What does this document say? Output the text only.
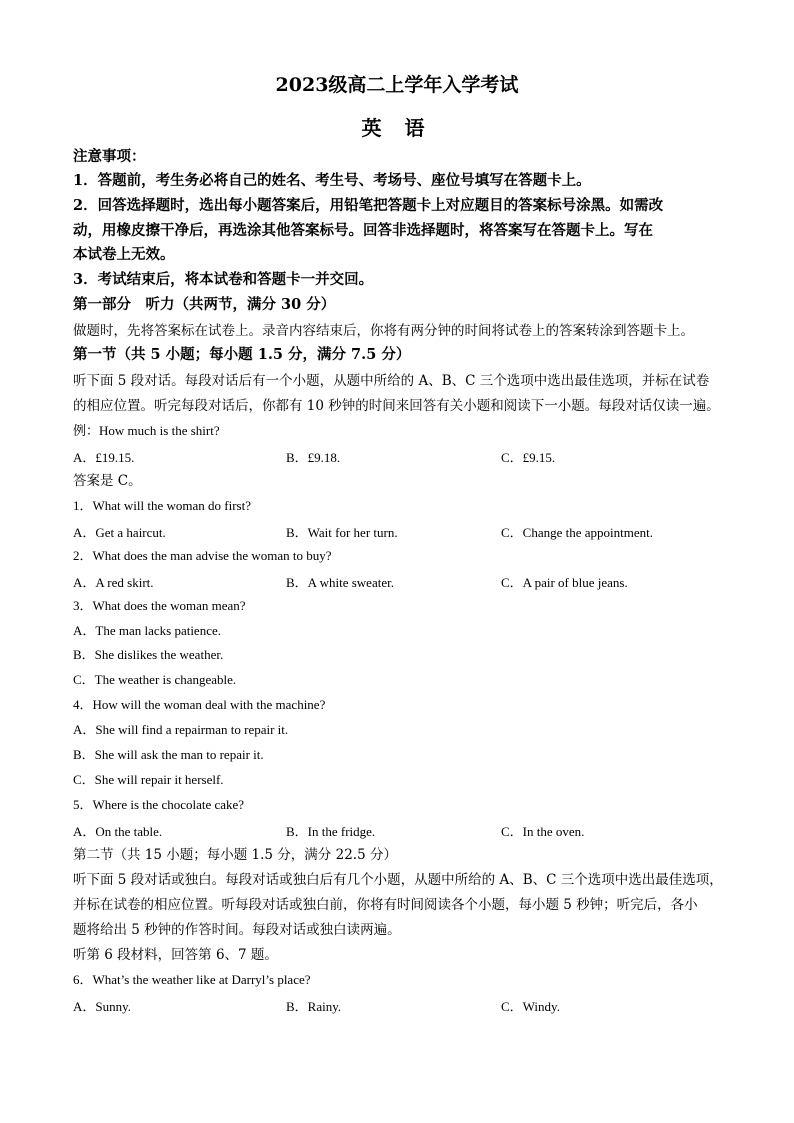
2023级高二上学年入学考试
英 语
注意事项：
1．答题前，考生务必将自己的姓名、考生号、考场号、座位号填写在答题卡上。
2．回答选择题时，选出每小题答案后，用铅笔把答题卡上对应题目的答案标号涂黑。如需改
动，用橡皮擦干净后，再选涂其他答案标号。回答非选择题时，将答案写在答题卡上。写在
本试卷上无效。
3．考试结束后，将本试卷和答题卡一并交回。
第一部分　听力（共两节，满分 30 分）
做题时，先将答案标在试卷上。录音内容结束后，你将有两分钟的时间将试卷上的答案转涂到答题卡上。
第一节（共 5 小题；每小题 1.5 分，满分 7.5 分）
听下面 5 段对话。每段对话后有一个小题，从题中所给的 A、B、C 三个选项中选出最佳选项，并标在试卷
的相应位置。听完每段对话后，你都有 10 秒钟的时间来回答有关小题和阅读下一小题。每段对话仅读一遍。
例：How much is the shirt?
A．£19.15.	B．£9.18.	C．£9.15.
答案是 C。
1．What will the woman do first?
A．Get a haircut.	B．Wait for her turn.	C．Change the appointment.
2．What does the man advise the woman to buy?
A．A red skirt.	B．A white sweater.	C．A pair of blue jeans.
3．What does the woman mean?
A．The man lacks patience.
B．She dislikes the weather.
C．The weather is changeable.
4．How will the woman deal with the machine?
A．She will find a repairman to repair it.
B．She will ask the man to repair it.
C．She will repair it herself.
5．Where is the chocolate cake?
A．On the table.	B．In the fridge.	C．In the oven.
第二节（共 15 小题；每小题 1.5 分，满分 22.5 分）
听下面 5 段对话或独白。每段对话或独白后有几个小题，从题中所给的 A、B、C 三个选项中选出最佳选项，
并标在试卷的相应位置。听每段对话或独白前，你将有时间阅读各个小题，每小题 5 秒钟；听完后，各小
题将给出 5 秒钟的作答时间。每段对话或独白读两遍。
听第 6 段材料，回答第 6、7 题。
6．What’s the weather like at Darryl’s place?
A．Sunny.	B．Rainy.	C．Windy.
